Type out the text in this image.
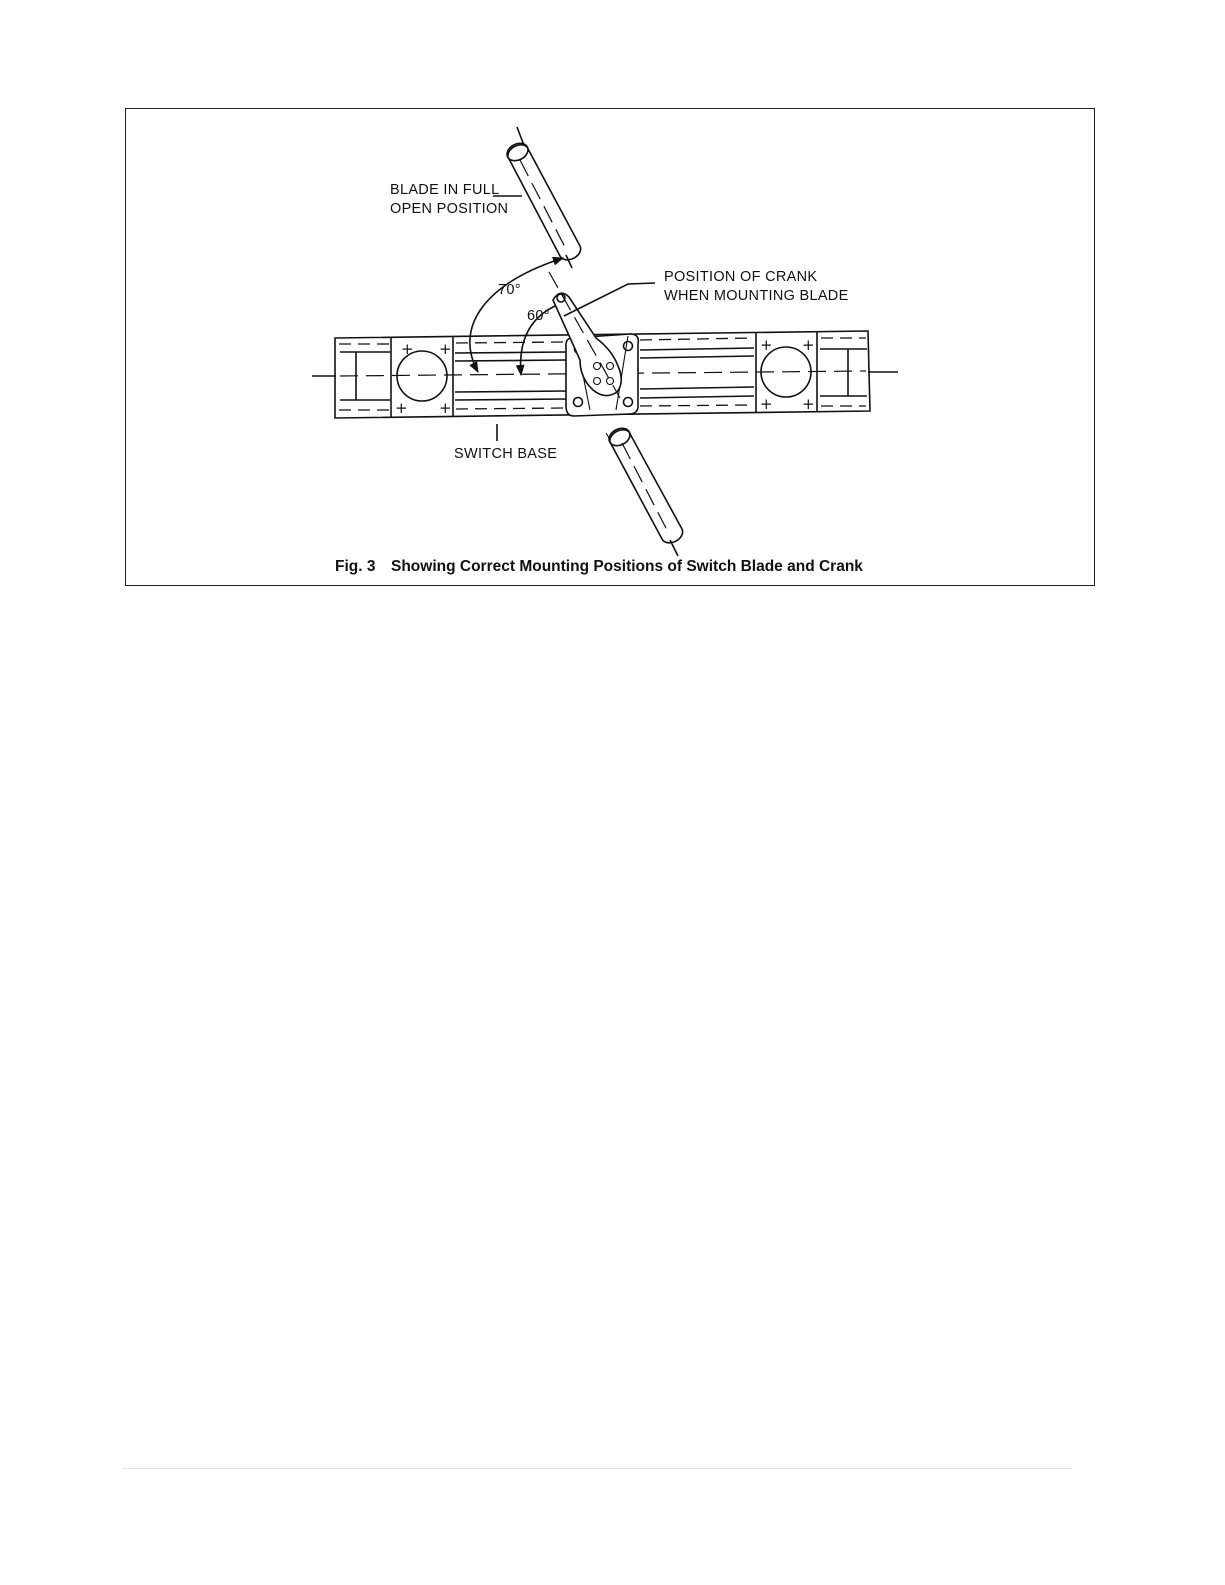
+ +
+ +
+ +
+ +
BLADE IN FULL
OPEN POSITION
POSITION OF CRANK
WHEN MOUNTING BLADE
70°
60°
SWITCH BASE
Fig. 3 Showing Correct Mounting Positions of Switch Blade and Crank
